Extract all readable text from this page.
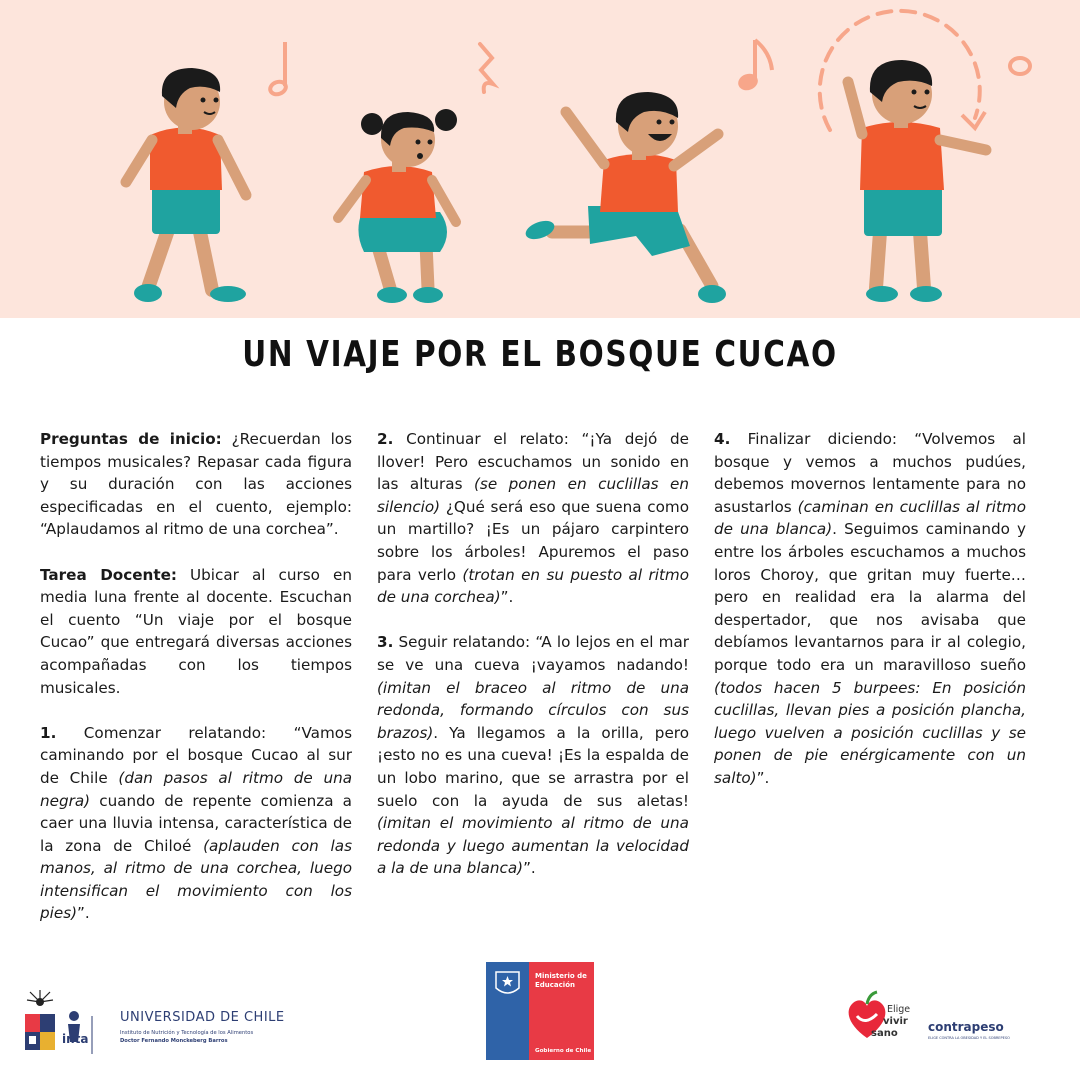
UN VIAJE POR EL BOSQUE CUCAO

Preguntas de inicio: ¿Recuerdan los tiempos musicales? Repasar cada figura y su duración con las acciones especificadas en el cuento, ejemplo: “Aplaudamos al ritmo de una corchea”.

Tarea Docente: Ubicar al curso en media luna frente al docente. Escuchan el cuento “Un viaje por el bosque Cucao” que entregará diversas acciones acompañadas con los tiempos musicales.

1. Comenzar relatando: “Vamos caminando por el bosque Cucao al sur de Chile (dan pasos al ritmo de una negra) cuando de repente comienza a caer una lluvia intensa, característica de la zona de Chiloé (aplauden con las manos, al ritmo de una corchea, luego intensifican el movimiento con los pies)”.

2. Continuar el relato: “¡Ya dejó de llover! Pero escuchamos un sonido en las alturas (se ponen en cuclillas en silencio) ¿Qué será eso que suena como un martillo? ¡Es un pájaro carpintero sobre los árboles! Apuremos el paso para verlo (trotan en su puesto al ritmo de una corchea)”.

3. Seguir relatando: “A lo lejos en el mar se ve una cueva ¡vayamos nadando! (imitan el braceo al ritmo de una redonda, formando círculos con sus brazos). Ya llegamos a la orilla, pero ¡esto no es una cueva! ¡Es la espalda de un lobo marino, que se arrastra por el suelo con la ayuda de sus aletas! (imitan el movimiento al ritmo de una redonda y luego aumentan la velocidad a la de una blanca)”.

4. Finalizar diciendo: “Volvemos al bosque y vemos a muchos pudúes, debemos movernos lentamente para no asustarlos (caminan en cuclillas al ritmo de una blanca). Seguimos caminando y entre los árboles escuchamos a muchos loros Choroy, que gritan muy fuerte… pero en realidad era la alarma del despertador, que nos avisaba que debíamos levantarnos para ir al colegio, porque todo era un maravilloso sueño (todos hacen 5 burpees: En posición cuclillas, llevan pies a posición plancha, luego vuelven a posición cuclillas y se ponen de pie enérgicamente con un salto)”.

inta
UNIVERSIDAD DE CHILE
Instituto de Nutrición y Tecnología de los Alimentos
Doctor Fernando Monckeberg Barros
Ministerio de
Educación
Gobierno de Chile
Elige
vivir
sano	contrapeso
ELIGE CONTRA LA OBESIDAD Y EL SOBREPESO
